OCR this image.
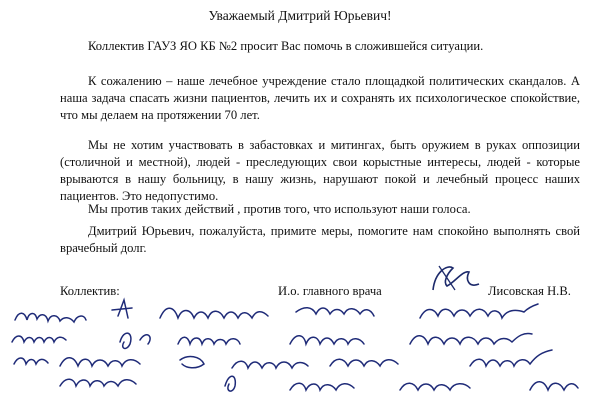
Уважаемый Дмитрий Юрьевич!
Коллектив ГАУЗ ЯО КБ №2 просит Вас помочь в сложившейся ситуации.
К сожалению – наше лечебное учреждение стало площадкой политических скандалов. А наша задача спасать жизни пациентов, лечить их и сохранять их психологическое спокойствие, что мы делаем на протяжении 70 лет.
Мы не хотим участвовать в забастовках и митингах, быть оружием в руках оппозиции (столичной и местной), людей - преследующих свои корыстные интересы, людей - которые врываются в нашу больницу, в нашу жизнь, нарушают покой и лечебный процесс наших пациентов. Это недопустимо.
Мы против таких действий , против того, что используют наши голоса.
Дмитрий Юрьевич, пожалуйста, примите меры, помогите нам спокойно выполнять свой врачебный долг.
Коллектив:	И.о. главного врача	Лисовская Н.В.
